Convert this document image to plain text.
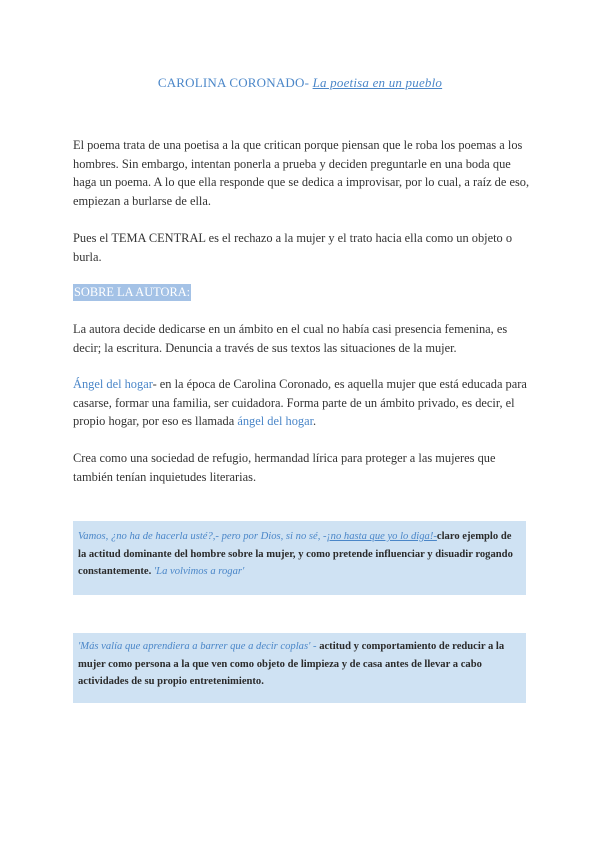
CAROLINA CORONADO- La poetisa en un pueblo
El poema trata de una poetisa a la que critican porque piensan que le roba los poemas a los hombres. Sin embargo, intentan ponerla a prueba y deciden preguntarle en una boda que haga un poema. A lo que ella responde que se dedica a improvisar, por lo cual, a raíz de eso, empiezan a burlarse de ella.
Pues el TEMA CENTRAL es el rechazo a la mujer y el trato hacia ella como un objeto o burla.
SOBRE LA AUTORA:
La autora decide dedicarse en un ámbito en el cual no había casi presencia femenina, es decir; la escritura. Denuncia a través de sus textos las situaciones de la mujer.
Ángel del hogar- en la época de Carolina Coronado, es aquella mujer que está educada para casarse, formar una familia, ser cuidadora. Forma parte de un ámbito privado, es decir, el propio hogar, por eso es llamada ángel del hogar.
Crea como una sociedad de refugio, hermandad lírica para proteger a las mujeres que también tenían inquietudes literarias.
Vamos, ¿no ha de hacerla usté?,- pero por Dios, si no sé, -¡no hasta que yo lo diga!-claro ejemplo de la actitud dominante del hombre sobre la mujer, y como pretende influenciar y disuadir rogando constantemente. 'La volvimos a rogar'
'Más valía que aprendiera a barrer que a decir coplas' - actitud y comportamiento de reducir a la mujer como persona a la que ven como objeto de limpieza y de casa antes de llevar a cabo actividades de su propio entretenimiento.
